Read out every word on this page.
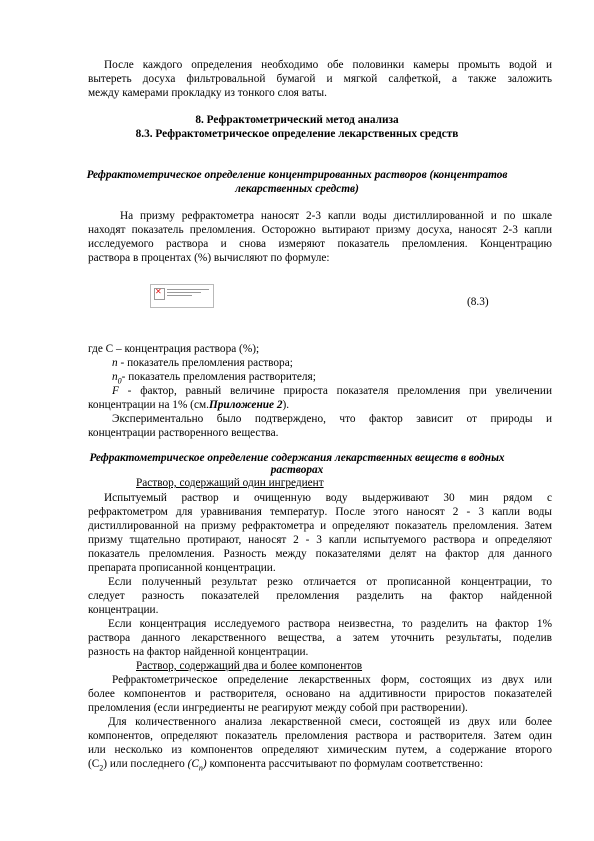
После каждого определения необходимо обе половинки камеры промыть водой и
вытереть досуха фильтровальной бумагой и мягкой салфеткой, а также заложить
между камерами прокладку из тонкого слоя ваты.
8. Рефрактометрический метод анализа
8.3. Рефрактометрическое определение лекарственных средств
Рефрактометрическое определение концентрированных растворов (концентратов
лекарственных средств)
На призму рефрактометра наносят 2-3 капли воды дистиллированной и по шкале
находят показатель преломления. Осторожно вытирают призму досуха, наносят 2-3 капли
исследуемого раствора и снова измеряют показатель преломления. Концентрацию
раствора в процентах (%) вычисляют по формуле:
✕
(8.3)
где С – концентрация раствора (%);
n - показатель преломления раствора;
$n_0-$ показатель преломления растворителя;
F - фактор, равный величине прироста показателя преломления при увеличении
концентрации на 1% (см.Приложение 2).
Экспериментально было подтверждено, что фактор зависит от природы и
концентрации растворенного вещества.
Рефрактометрическое определение содержания лекарственных веществ в водных
растворах
Раствор, содержащий один ингредиент
Испытуемый раствор и очищенную воду выдерживают 30 мин рядом с
рефрактометром для уравнивания температур. После этого наносят 2 - 3 капли воды
дистиллированной на призму рефрактометра и определяют показатель преломления. Затем
призму тщательно протирают, наносят 2 - 3 капли испытуемого раствора и определяют
показатель преломления. Разность между показателями делят на фактор для данного
препарата прописанной концентрации.
Если полученный результат резко отличается от прописанной концентрации, то
следует разность показателей преломления разделить на фактор найденной
концентрации.
Если концентрация исследуемого раствора неизвестна, то разделить на фактор 1%
раствора данного лекарственного вещества, а затем уточнить результаты, поделив
разность на фактор найденной концентрации.
Раствор, содержащий два и более компонентов
Рефрактометрическое определение лекарственных форм, состоящих из двух или
более компонентов и растворителя, основано на аддитивности приростов показателей
преломления (если ингредиенты не реагируют между собой при растворении).
Для количественного анализа лекарственной смеси, состоящей из двух или более
компонентов, определяют показатель преломления раствора и растворителя. Затем один
или несколько из компонентов определяют химическим путем, а содержание второго
$(C_2)$ или последнего $(C_n)$ компонента рассчитывают по формулам соответственно:
